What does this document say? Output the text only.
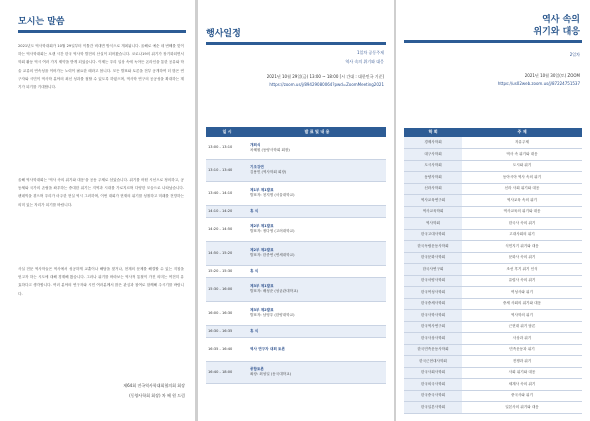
모시는 말씀
2021년도 역사학대회가 10월 29일부터 이틀간 비대면 방식으로 개최됩니다. 올해로 예순 네 번째를 맞이하는 역사학대회는 오랜 시간 한국 역사학 발전의 산실이 되어왔습니다. 코로나19의 위기가 장기화되면서 학회 활동 역시 여러 가지 제약을 받게 되었습니다. 이제는 우리 일상 속에 녹아든 온라인을 통한 공유와 학술 교류의 연속성을 이어가는 노력이 필요한 때라고 봅니다. 모든 발표와 토론을 전부 공개하여 더 많은 연구자와 시민이 역사학 분야의 최신 성과를 접할 수 있도록 하였으며, 역사학 연구의 공공성을 확대하는 계기가 되기를 기대합니다.
올해 역사학대회는 '역사 속의 위기와 대응'을 공동 주제로 삼았습니다. 위기를 어떤 시선으로 정의하고, 공동체와 국가의 존립을 좌우하는 중대한 위기는 지역과 시대를 가로지르며 다양한 모습으로 나타났습니다. 팬데믹을 겪으며 우리가 마주한 현실 역시 그러하며, 이번 대회가 현재의 위기를 성찰하고 미래를 전망하는 의미 있는 자리가 되기를 바랍니다.
사실 전문 역사학들은 역사에서 성공하게 교훈이나 해답을 찾거나, 현재의 문제를 해결할 수 있는 지침을 얻고자 하는 시도에 대해 경계해 왔습니다. 그러나 위기를 바라보는 역사적 통찰이 가진 의미는 여전히 유효하다고 생각합니다. 여러 분야의 연구자와 시민 여러분께서 많은 관심과 참여로 함께해 주시기를 바랍니다.
제64회 전국역사학대회협의회 회장
(동양사학회 회장) 차 혜 원 드림
행사일정
1일차 공동주제
역사 속의 위기와 대응
2021년 10월 29일(금) 13:00 ~ 18:00 [시 간대 : 대한민국 기준]
https://zoom.us/j/89429080064?pwd=ZoomMeeting2021
일 시	발 표 및 내 용
13:00 - 13:10	개회식
차혜원 (동양사학회 회장)

13:10 - 13:40	기조강연
김용민 (역사학회 회장)

13:40 - 14:10	제1부 제1발표
발표자: 천지명 (서울대학교)

14:10 - 14:20	휴 식

14:20 - 14:50	제2부 제1발표
발표자: 정다영 (고려대학교)

14:50 - 15:20	제2부 제2발표
발표자: 한종연 (연세대학교)

15:20 - 15:30	휴 식

15:30 - 16:00	제3부 제1발표
발표자: 배성준 (성균관대학교)

16:00 - 16:30	제3부 제2발표
발표자: 남영우 (한양대학교)

16:30 - 16:35	휴 식

16:35 - 16:40	역사 연구자 대회 토론

16:40 - 18:00	종합토론
좌장: 최성일 (동국대학교)
역사 속의
위기와 대응
2일차
2021년 10월 30일(토) ZOOM
https://us02web.zoom.us/j/87224751537
학 회	주 제
경제사학회	자유주제
대구사학회	역사 속 위기와 대응
도시사학회	도시와 위기
동양사학회	동아시아 역사 속의 위기
신라사학회	신라 사회 위기와 대응
역사교육연구회	역사교육 속의 위기
역사교육학회	역사교육의 위기와 대응
역사학회	한국사 속의 위기
한국고대사학회	고대사회의 위기
한국독립운동사학회	식민지기 위기와 대응
한국문화사학회	문화사 속의 위기
한국사연구회	조선 후기 위기 인식
한국서양사학회	유럽사 속의 위기
한국여성사학회	여성사와 위기
한국중세사학회	중세 사회의 위기와 대응
한국사학사학회	역사학의 위기
한국역사연구회	근현대 위기 담론
한국사상사학회	사상과 위기
한국민족운동사학회	민족운동과 위기
한국근현대사학회	전쟁과 위기
한국사회사학회	사회 위기와 대응
한국외국사학회	세계사 속의 위기
한국중국사학회	중국사와 위기
한국일본사학회	일본사의 위기와 대응
